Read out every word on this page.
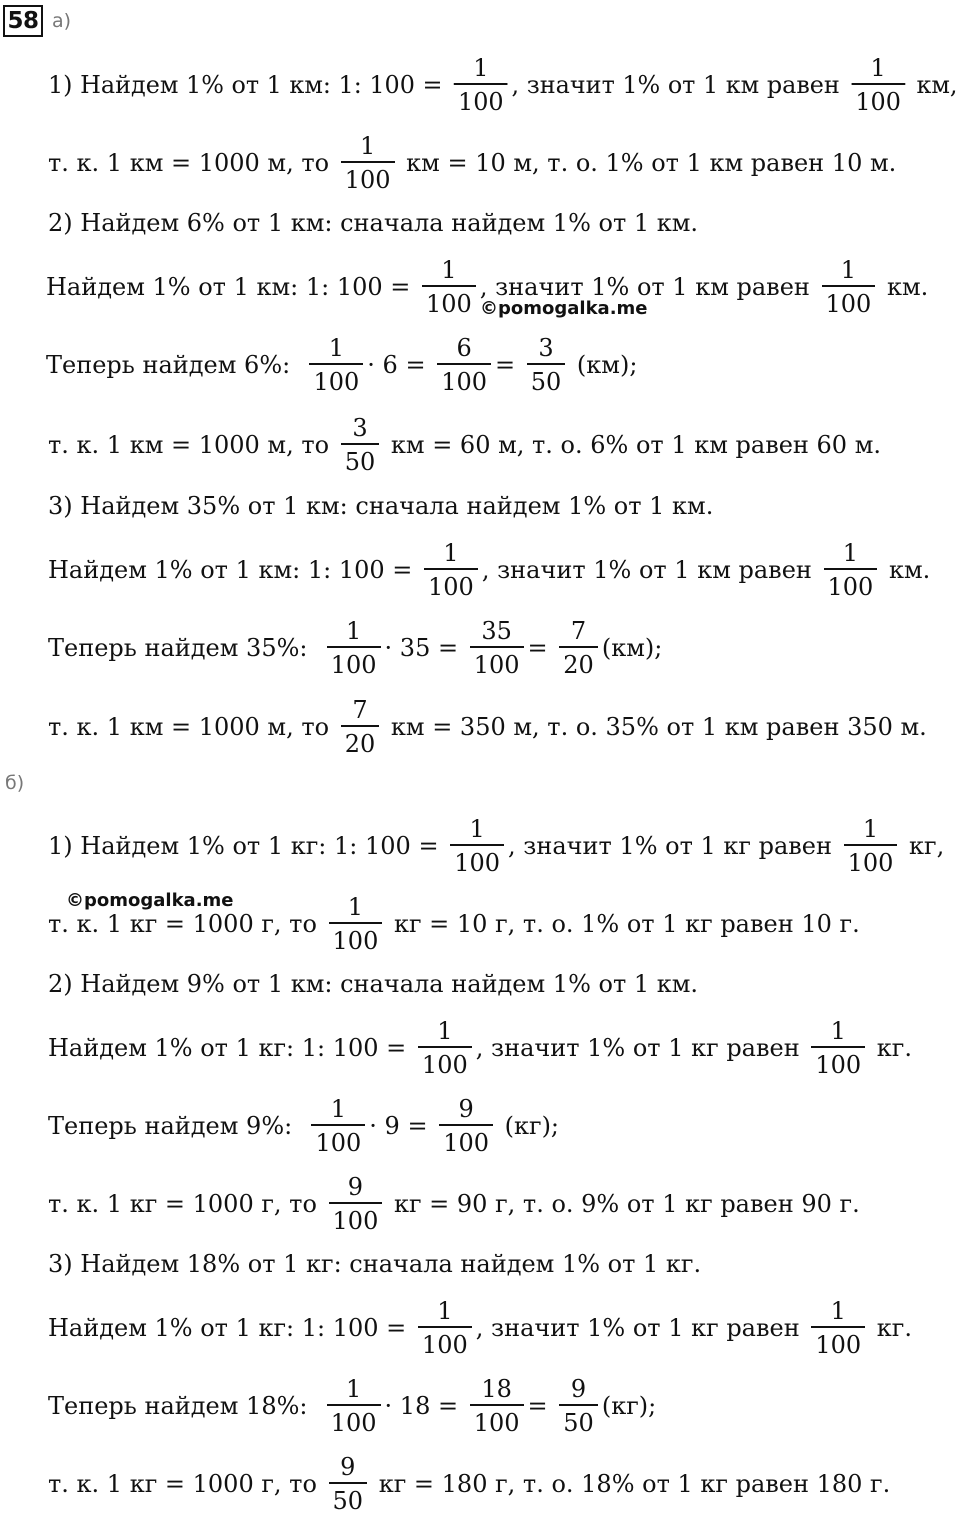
58 а)
б)
©pomogalka.me
©pomogalka.me
1) Найдем 1% от 1 км: 1: $100 = \frac{1}{100}$ , значит 1% от 1 км равен $\frac{1}{100}$ км,
т. к. 1 км = 1000 м, то $\frac{1}{100}$ км = 10 м, т. о. 1% от 1 км равен 10 м.
2) Найдем 6% от 1 км: сначала найдем 1% от 1 км.
Найдем 1% от 1 км: 1: $100 = \frac{1}{100}$ , значит 1% от 1 км равен $\frac{1}{100}$ км.
Теперь найдем 6%: $\frac{1}{100} \cdot 6 = \frac{6}{100} = \frac{3}{50} (км)$;
т. к. 1 км = 1000 м, то $\frac{3}{50}$ км = 60 м, т. о. 6% от 1 км равен 60 м.
3) Найдем 35% от 1 км: сначала найдем 1% от 1 км.
Найдем 1% от 1 км: 1: $100 = \frac{1}{100}$ , значит 1% от 1 км равен $\frac{1}{100}$ км.
Теперь найдем 35%: $\frac{1}{100} \cdot 35 = \frac{35}{100} = \frac{7}{20} (км)$;
т. к. 1 км = 1000 м, то $\frac{7}{20}$ км = 350 м, т. о. 35% от 1 км равен 350 м.
1) Найдем 1% от 1 кг: 1: $100 = \frac{1}{100}$ , значит 1% от 1 кг равен $\frac{1}{100}$ кг,
т. к. 1 кг = 1000 г, то $\frac{1}{100}$ кг = 10 г, т. о. 1% от 1 кг равен 10 г.
2) Найдем 9% от 1 км: сначала найдем 1% от 1 км.
Найдем 1% от 1 кг: 1: $100 = \frac{1}{100}$ , значит 1% от 1 кг равен $\frac{1}{100}$ кг.
Теперь найдем 9%: $\frac{1}{100} \cdot 9 = \frac{9}{100} (кг)$;
т. к. 1 кг = 1000 г, то $\frac{9}{100}$ кг = 90 г, т. о. 9% от 1 кг равен 90 г.
3) Найдем 18% от 1 кг: сначала найдем 1% от 1 кг.
Найдем 1% от 1 кг: 1: $100 = \frac{1}{100}$ , значит 1% от 1 кг равен $\frac{1}{100}$ кг.
Теперь найдем 18%: $\frac{1}{100} \cdot 18 = \frac{18}{100} = \frac{9}{50} (кг)$;
т. к. 1 кг = 1000 г, то $\frac{9}{50}$ кг = 180 г, т. о. 18% от 1 кг равен 180 г.
